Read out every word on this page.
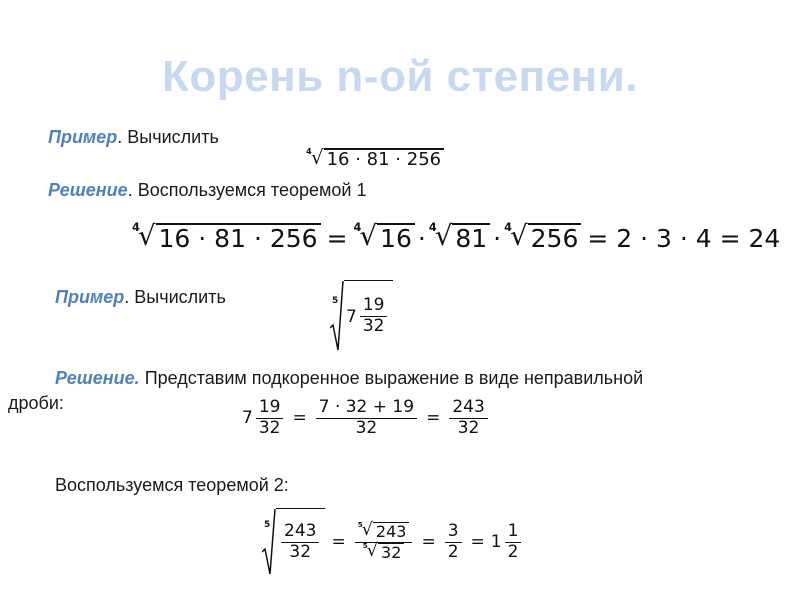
Корень n-ой степени.
Пример. Вычислить
4 √ 16 · 81 · 256
Решение. Воспользуемся теоремой 1
4
√ 16 · 81 · 256 = 4
√ 16 · 4
√ 81 · 4
√ 256 = 2 · 3 · 4 = 24
Пример. Вычислить	5
$7 \frac{19}{32}$
Решение. Представим подкоренное выражение в виде неправильной
дроби:
$7 \frac{19}{32} = \frac{7 \cdot 32 + 19}{32} = \frac{243}{32}$
Воспользуемся теоремой 2:
$5 \frac{243}{32} = 5$
√ 243
5
√ $32 = \frac{3}{2} = 1 \frac{1}{2}$
